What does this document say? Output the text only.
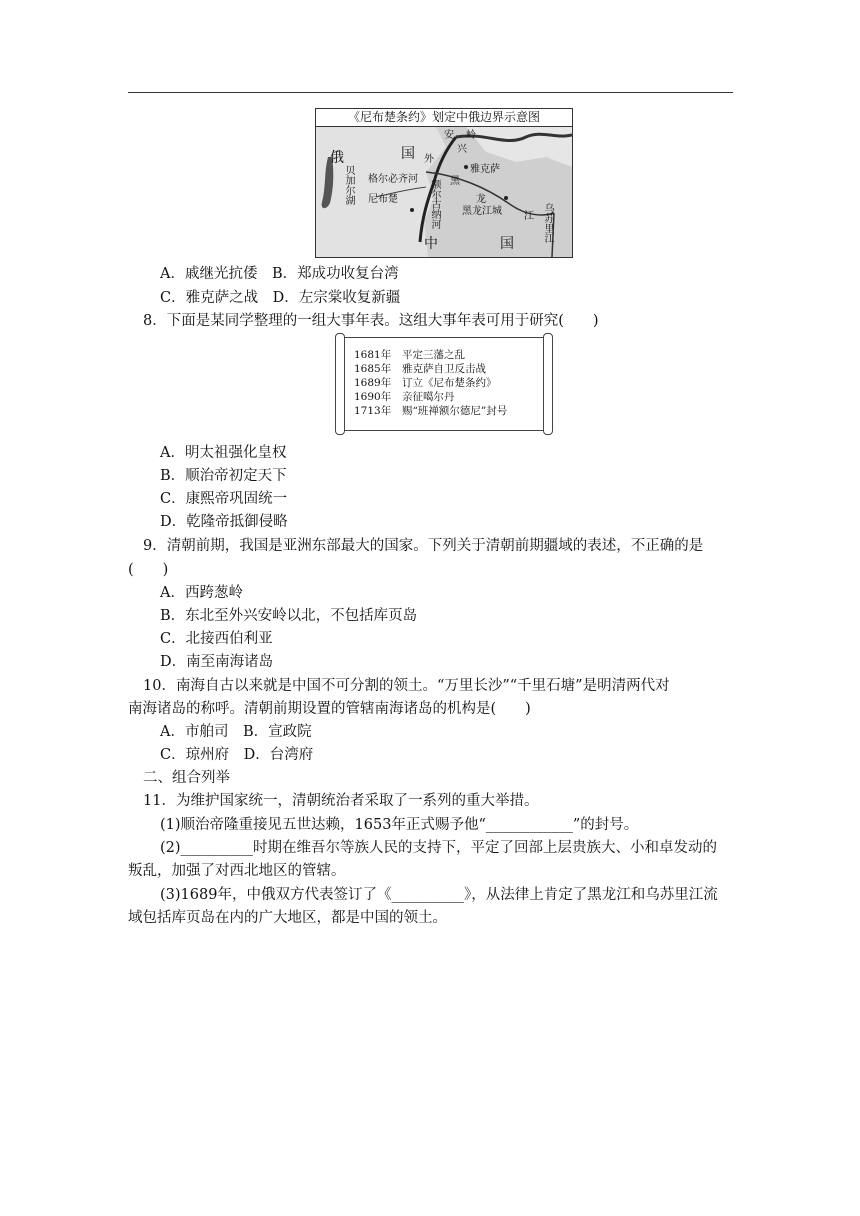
《尼布楚条约》划定中俄边界示意图
俄	国
安 岭
兴
外
黑
雅克萨
格尔必齐河
尼布楚	额尔古纳河	龙
黑龙江城 江
中	国
贝加尔湖
乌苏里江
A．戚继光抗倭　B．郑成功收复台湾
C．雅克萨之战　D．左宗棠收复新疆
8．下面是某同学整理的一组大事年表。这组大事年表可用于研究(　　)
1681年 平定三藩之乱
1685年 雅克萨自卫反击战
1689年 订立《尼布楚条约》
1690年 亲征噶尔丹
1713年 赐“班禅额尔德尼”封号
A．明太祖强化皇权
B．顺治帝初定天下
C．康熙帝巩固统一
D．乾隆帝抵御侵略
9．清朝前期，我国是亚洲东部最大的国家。下列关于清朝前期疆域的表述，不正确的是
(　　)
A．西跨葱岭
B．东北至外兴安岭以北，不包括库页岛
C．北接西伯利亚
D．南至南海诸岛
10．南海自古以来就是中国不可分割的领土。“万里长沙”“千里石塘”是明清两代对
南海诸岛的称呼。清朝前期设置的管辖南海诸岛的机构是(　　)
A．市舶司　B．宣政院
C．琼州府　D．台湾府
二、组合列举
11．为维护国家统一，清朝统治者采取了一系列的重大举措。
(1)顺治帝隆重接见五世达赖，1653年正式赐予他“____________”的封号。
(2)__________时期在维吾尔等族人民的支持下，平定了回部上层贵族大、小和卓发动的
叛乱，加强了对西北地区的管辖。
(3)1689年，中俄双方代表签订了《__________》，从法律上肯定了黑龙江和乌苏里江流
域包括库页岛在内的广大地区，都是中国的领土。
